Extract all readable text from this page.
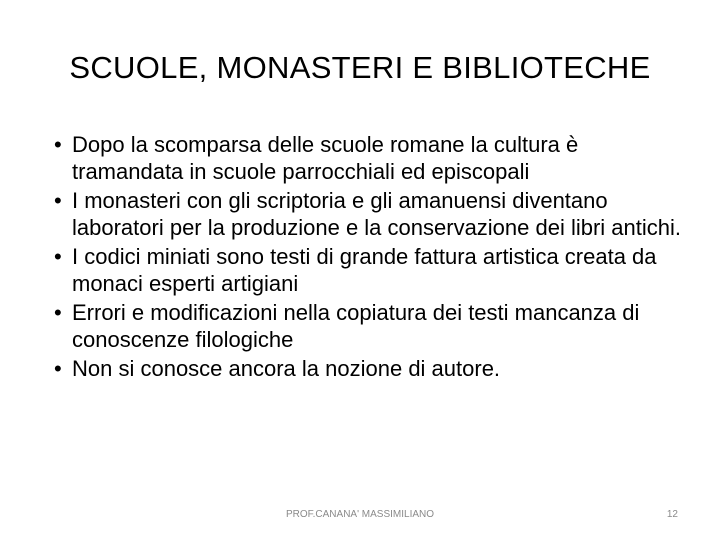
SCUOLE, MONASTERI E BIBLIOTECHE
• Dopo la scomparsa delle scuole romane la cultura è tramandata in scuole parrocchiali ed episcopali
• I monasteri con gli scriptoria e gli amanuensi diventano laboratori per la produzione e la conservazione dei libri antichi.
• I codici miniati sono testi di grande fattura artistica creata da monaci esperti artigiani
• Errori e modificazioni nella copiatura dei testi mancanza di conoscenze filologiche
• Non si conosce ancora la nozione di autore.
PROF.CANANA' MASSIMILIANO	12
